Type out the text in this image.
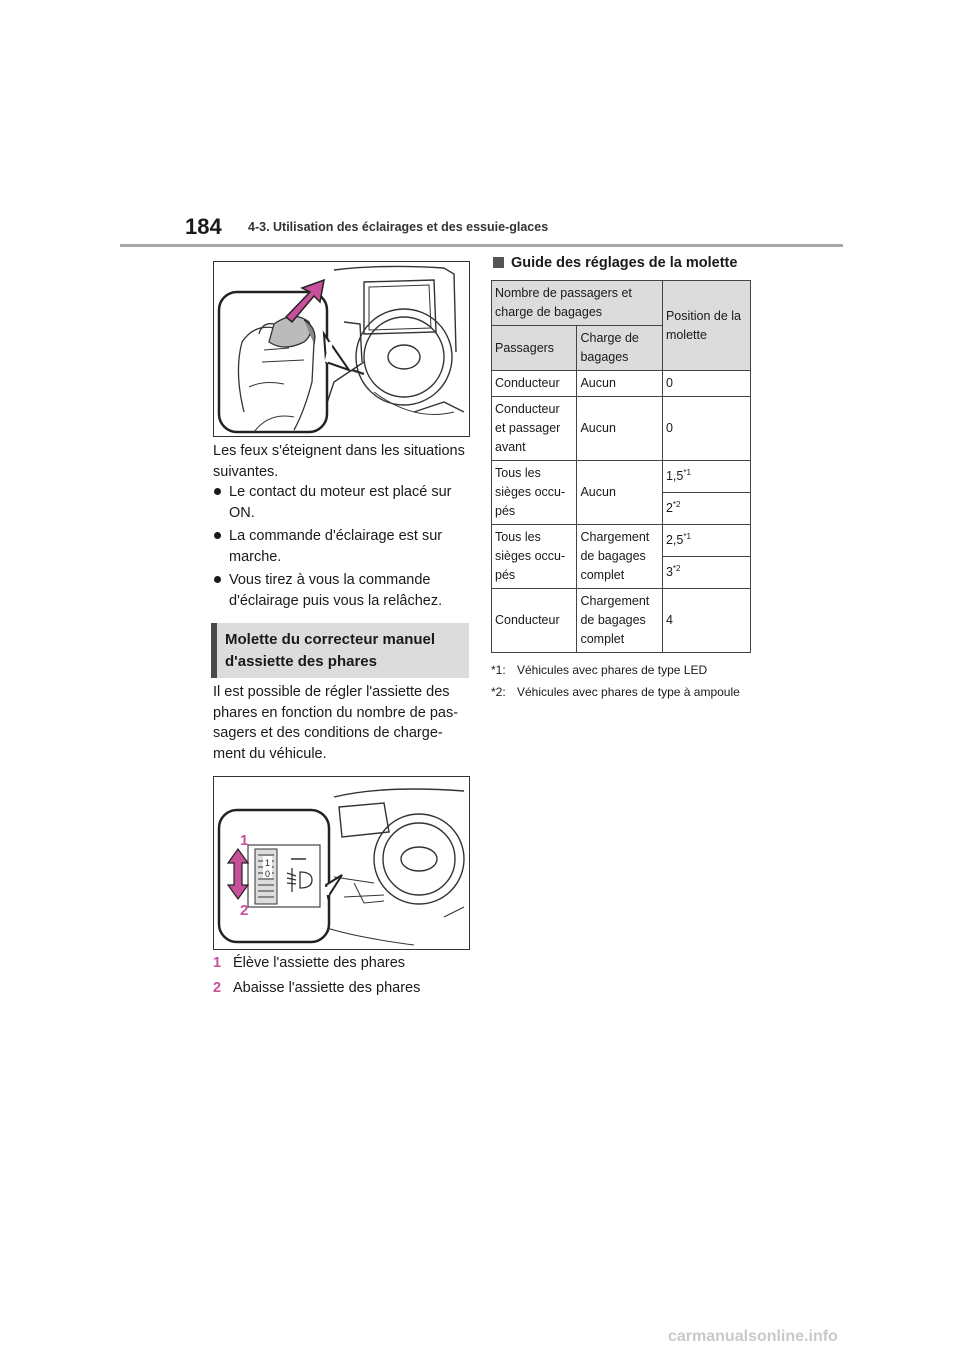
184 4-3. Utilisation des éclairages et des essuie-glaces
Les feux s'éteignent dans les situations suivantes.
Le contact du moteur est placé sur ON.
La commande d'éclairage est sur marche.
Vous tirez à vous la commande d'éclairage puis vous la relâchez.
Molette du correcteur manuel d'assiette des phares
Il est possible de régler l'assiette des phares en fonction du nombre de pas-sagers et des conditions de charge-ment du véhicule.
1
0
1
2
1 Élève l'assiette des phares
2 Abaisse l'assiette des phares
Guide des réglages de la molette
Nombre de passagers et charge de bagages		Position de la molette
Passagers	Charge de bagages	
Conducteur	Aucun	0
Conducteur et passager avant	Aucun	0
Tous les sièges occu-pés	Aucun	1,5$^{*1}$
		2$^{*2}$
Tous les sièges occu-pés	Chargement de bagages complet	2,5$^{*1}$
		3$^{*2}$
Conducteur	Chargement de bagages complet	4
*1: Véhicules avec phares de type LED
*2: Véhicules avec phares de type à ampoule
carmanualsonline.info
